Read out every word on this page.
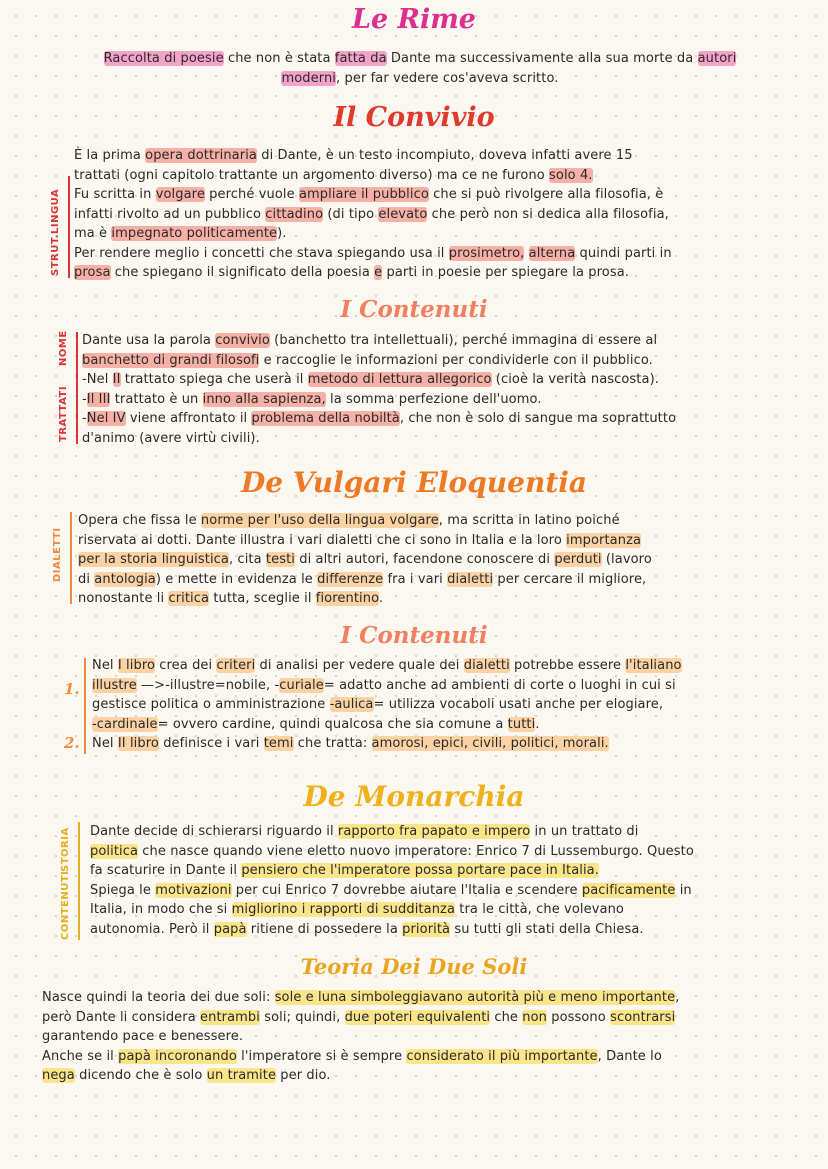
Le Rime

Raccolta di poesie che non è stata fatta da Dante ma successivamente alla sua morte da autori
moderni, per far vedere cos'aveva scritto.

Il Convivio
STRUT.
LINGUA

È la prima opera dottrinaria di Dante, è un testo incompiuto, doveva infatti avere 15
trattati (ogni capitolo trattante un argomento diverso) ma ce ne furono solo 4.
Fu scritta in volgare perché vuole ampliare il pubblico che si può rivolgere alla filosofia, è
infatti rivolto ad un pubblico cittadino (di tipo elevato che però non si dedica alla filosofia,
ma è impegnato politicamente).
Per rendere meglio i concetti che stava spiegando usa il prosimetro, alterna quindi parti in
prosa che spiegano il significato della poesia e parti in poesie per spiegare la prosa.

I Contenuti
NOME
TRATTATI

Dante usa la parola convivio (banchetto tra intellettuali), perché immagina di essere al
banchetto di grandi filosofi e raccoglie le informazioni per condividerle con il pubblico.
-Nel II trattato spiega che userà il metodo di lettura allegorico (cioè la verità nascosta).
-Il III trattato è un inno alla sapienza, la somma perfezione dell'uomo.
-Nel IV viene affrontato il problema della nobiltà, che non è solo di sangue ma soprattutto
d'animo (avere virtù civili).

De Vulgari Eloquentia
DIALETTI

Opera che fissa le norme per l'uso della lingua volgare, ma scritta in latino poiché
riservata ai dotti. Dante illustra i vari dialetti che ci sono in Italia e la loro importanza
per la storia linguistica, cita testi di altri autori, facendone conoscere di perduti (lavoro
di antologia) e mette in evidenza le differenze fra i vari dialetti per cercare il migliore,
nonostante li critica tutta, sceglie il fiorentino.

I Contenuti
1.
2.

Nel I libro crea dei criteri di analisi per vedere quale dei dialetti potrebbe essere l'italiano
illustre —>-illustre=nobile, -curiale= adatto anche ad ambienti di corte o luoghi in cui si
gestisce politica o amministrazione -aulica= utilizza vocaboli usati anche per elogiare,
-cardinale= ovvero cardine, quindi qualcosa che sia comune a tutti.
Nel II libro definisce i vari temi che tratta: amorosi, epici, civili, politici, morali.

De Monarchia
CONTENUTI
STORIA Dante decide di schierarsi riguardo il rapporto fra papato e impero in un trattato di
politica che nasce quando viene eletto nuovo imperatore: Enrico 7 di Lussemburgo. Questo
fa scaturire in Dante il pensiero che l'imperatore possa portare pace in Italia.
Spiega le motivazioni per cui Enrico 7 dovrebbe aiutare l'Italia e scendere pacificamente in
Italia, in modo che si migliorino i rapporti di sudditanza tra le città, che volevano
autonomia. Però il papà ritiene di possedere la priorità su tutti gli stati della Chiesa.

Teoria Dei Due Soli

Nasce quindi la teoria dei due soli: sole e luna simboleggiavano autorità più e meno importante,
però Dante li considera entrambi soli; quindi, due poteri equivalenti che non possono scontrarsi
garantendo pace e benessere.
Anche se il papà incoronando l'imperatore si è sempre considerato il più importante, Dante lo
nega dicendo che è solo un tramite per dio.
